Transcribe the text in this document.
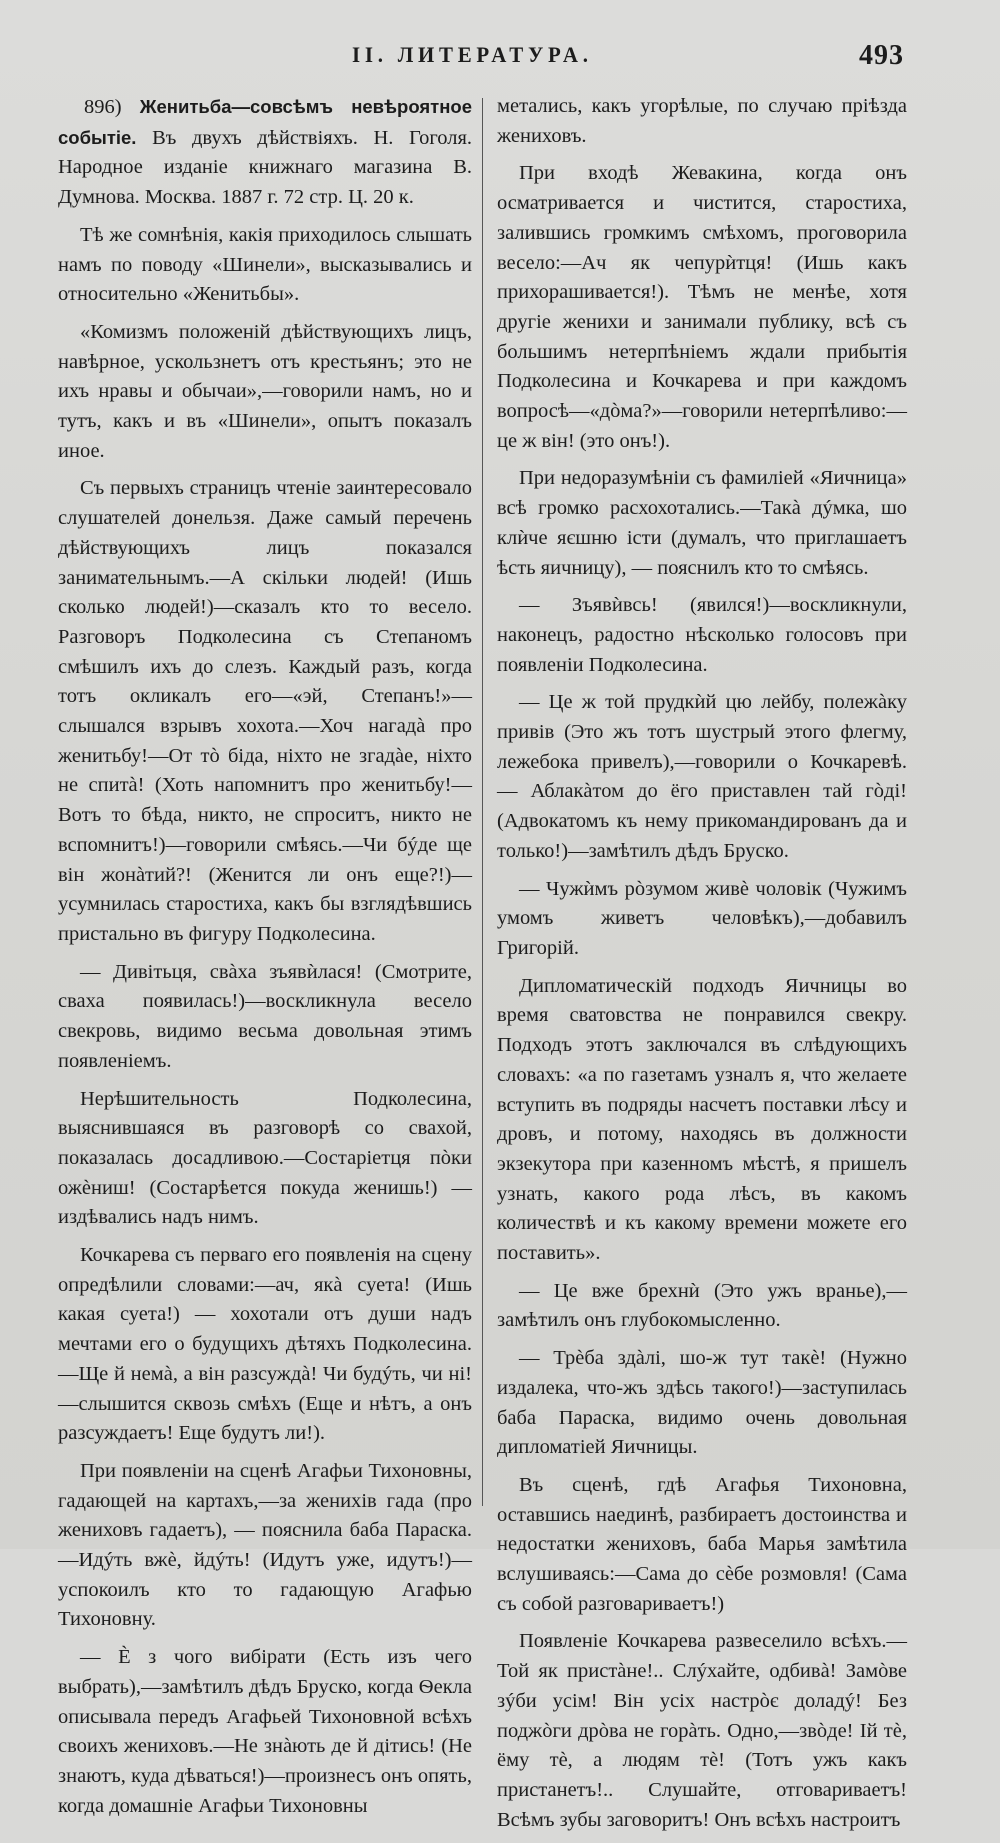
II. ЛИТЕРАТУРА.	493

896) Женитьба—совсѣмъ невѣроятное событіе. Въ двухъ дѣйствіяхъ. Н. Гоголя. Народное изданіе книжнаго магазина В. Думнова. Москва. 1887 г. 72 стр. Ц. 20 к.

Тѣ же сомнѣнія, какія приходилось слышать намъ по поводу «Шинели», высказывались и относительно «Женитьбы».

«Комизмъ положеній дѣйствующихъ лицъ, навѣрное, ускользнетъ отъ крестьянъ; это не ихъ нравы и обычаи»,—говорили намъ, но и тутъ, какъ и въ «Шинели», опытъ показалъ иное.

Съ первыхъ страницъ чтеніе заинтересовало слушателей донельзя. Даже самый перечень дѣйствующихъ лицъ показался занимательнымъ.—А скільки людей! (Ишь сколько людей!)—сказалъ кто то весело. Разговоръ Подколесина съ Степаномъ смѣшилъ ихъ до слезъ. Каждый разъ, когда тотъ окликалъ его—«эй, Степанъ!»—слышался взрывъ хохота.—Хоч нагадà про женитьбу!—От тò біда, ніхто не згадàе, ніхто не спитà! (Хоть напомнитъ про женитьбу!—Вотъ то бѣда, никто, не спроситъ, никто не вспомнитъ!)—говорили смѣясь.—Чи бýде ще він жонàтий?! (Женится ли онъ еще?!)—усумнилась старостиха, какъ бы взглядѣвшись пристально въ фигуру Подколесина.

— Дивітьця, свàха зъявѝлася! (Смотрите, сваха появилась!)—воскликнула весело свекровь, видимо весьма довольная этимъ появленіемъ.

Нерѣшительность Подколесина, выяснившаяся въ разговорѣ со свахой, показалась досадливою.—Состаріетця пòки ожèниш! (Состарѣется покуда женишь!) — издѣвались надъ нимъ.

Кочкарева съ перваго его появленія на сцену опредѣлили словами:—ач, якà суета! (Ишь какая суета!) — хохотали отъ души надъ мечтами его о будущихъ дѣтяхъ Подколесина.—Ще й немà, а він разсуждà! Чи будýть, чи ні!—слышится сквозь смѣхъ (Еще и нѣтъ, а онъ разсуждаетъ! Еще будутъ ли!).

При появленіи на сценѣ Агафьи Тихоновны, гадающей на картахъ,—за женихів гада (про жениховъ гадаетъ), — пояснила баба Параска.—Идýть вжè, йдýть! (Идутъ уже, идутъ!)—успокоилъ кто то гадающую Агафью Тихоновну.

— Ѐ з чого вибірати (Есть изъ чего выбрать),—замѣтилъ дѣдъ Бруско, когда Ѳекла описывала передъ Агафьей Тихоновной всѣхъ своихъ жениховъ.—Не знàють де й дітись! (Не знаютъ, куда дѣваться!)—произнесъ онъ опять, когда домашніе Агафьи Тихоновны

метались, какъ угорѣлые, по случаю пріѣзда жениховъ.

При входѣ Жевакина, когда онъ осматривается и чистится, старостиха, залившись громкимъ смѣхомъ, проговорила весело:—Ач як чепурѝтця! (Ишь какъ прихорашивается!). Тѣмъ не менѣе, хотя другіе женихи и занимали публику, всѣ съ большимъ нетерпѣніемъ ждали прибытія Подколесина и Кочкарева и при каждомъ вопросѣ—«дòма?»—говорили нетерпѣливо:—це ж він! (это онъ!).

При недоразумѣніи съ фамиліей «Яичница» всѣ громко расхохотались.—Такà дýмка, шо клѝче яєшню істи (думалъ, что приглашаетъ ѣсть яичницу), — пояснилъ кто то смѣясь.

— Зъявѝвсь! (явился!)—воскликнули, наконецъ, радостно нѣсколько голосовъ при появленіи Подколесина.

— Це ж той прудкѝй цю лейбу, полежàку привів (Это жъ тотъ шустрый этого флегму, лежебока привелъ),—говорили о Кочкаревѣ. — Аблакàтом до ëго приставлен тай гòді! (Адвокатомъ къ нему прикомандированъ да и только!)—замѣтилъ дѣдъ Бруско.

— Чужѝмъ рòзумом живè чоловік (Чужимъ умомъ живетъ человѣкъ),—добавилъ Григорій.

Дипломатическій подходъ Яичницы во время сватовства не понравился свекру. Подходъ этотъ заключался въ слѣдующихъ словахъ: «а по газетамъ узналъ я, что желаете вступить въ подряды насчетъ поставки лѣсу и дровъ, и потому, находясь въ должности экзекутора при казенномъ мѣстѣ, я пришелъ узнать, какого рода лѣсъ, въ какомъ количествѣ и къ какому времени можете его поставить».

— Це вже брехнѝ (Это ужъ вранье),—замѣтилъ онъ глубокомысленно.

— Трèба здàлі, шо-ж тут такè! (Нужно издалека, что-жъ здѣсь такого!)—заступилась баба Параска, видимо очень довольная дипломатіей Яичницы.

Въ сценѣ, гдѣ Агафья Тихоновна, оставшись наединѣ, разбираетъ достоинства и недостатки жениховъ, баба Марья замѣтила вслушиваясь:—Сама до сèбе розмовля! (Сама съ собой разговариваетъ!)

Появленіе Кочкарева развеселило всѣхъ.—Той як пристàне!.. Слýхайте, одбивà! Замòве зýби усім! Він усіх настрòє доладý! Без поджòги дрòва не горàть. Одно,—звòде! Ій тѐ, ëму тѐ, а людям тѐ! (Тотъ ужъ какъ пристанетъ!.. Слушайте, отговариваетъ! Всѣмъ зубы заговоритъ! Онъ всѣхъ настроитъ
